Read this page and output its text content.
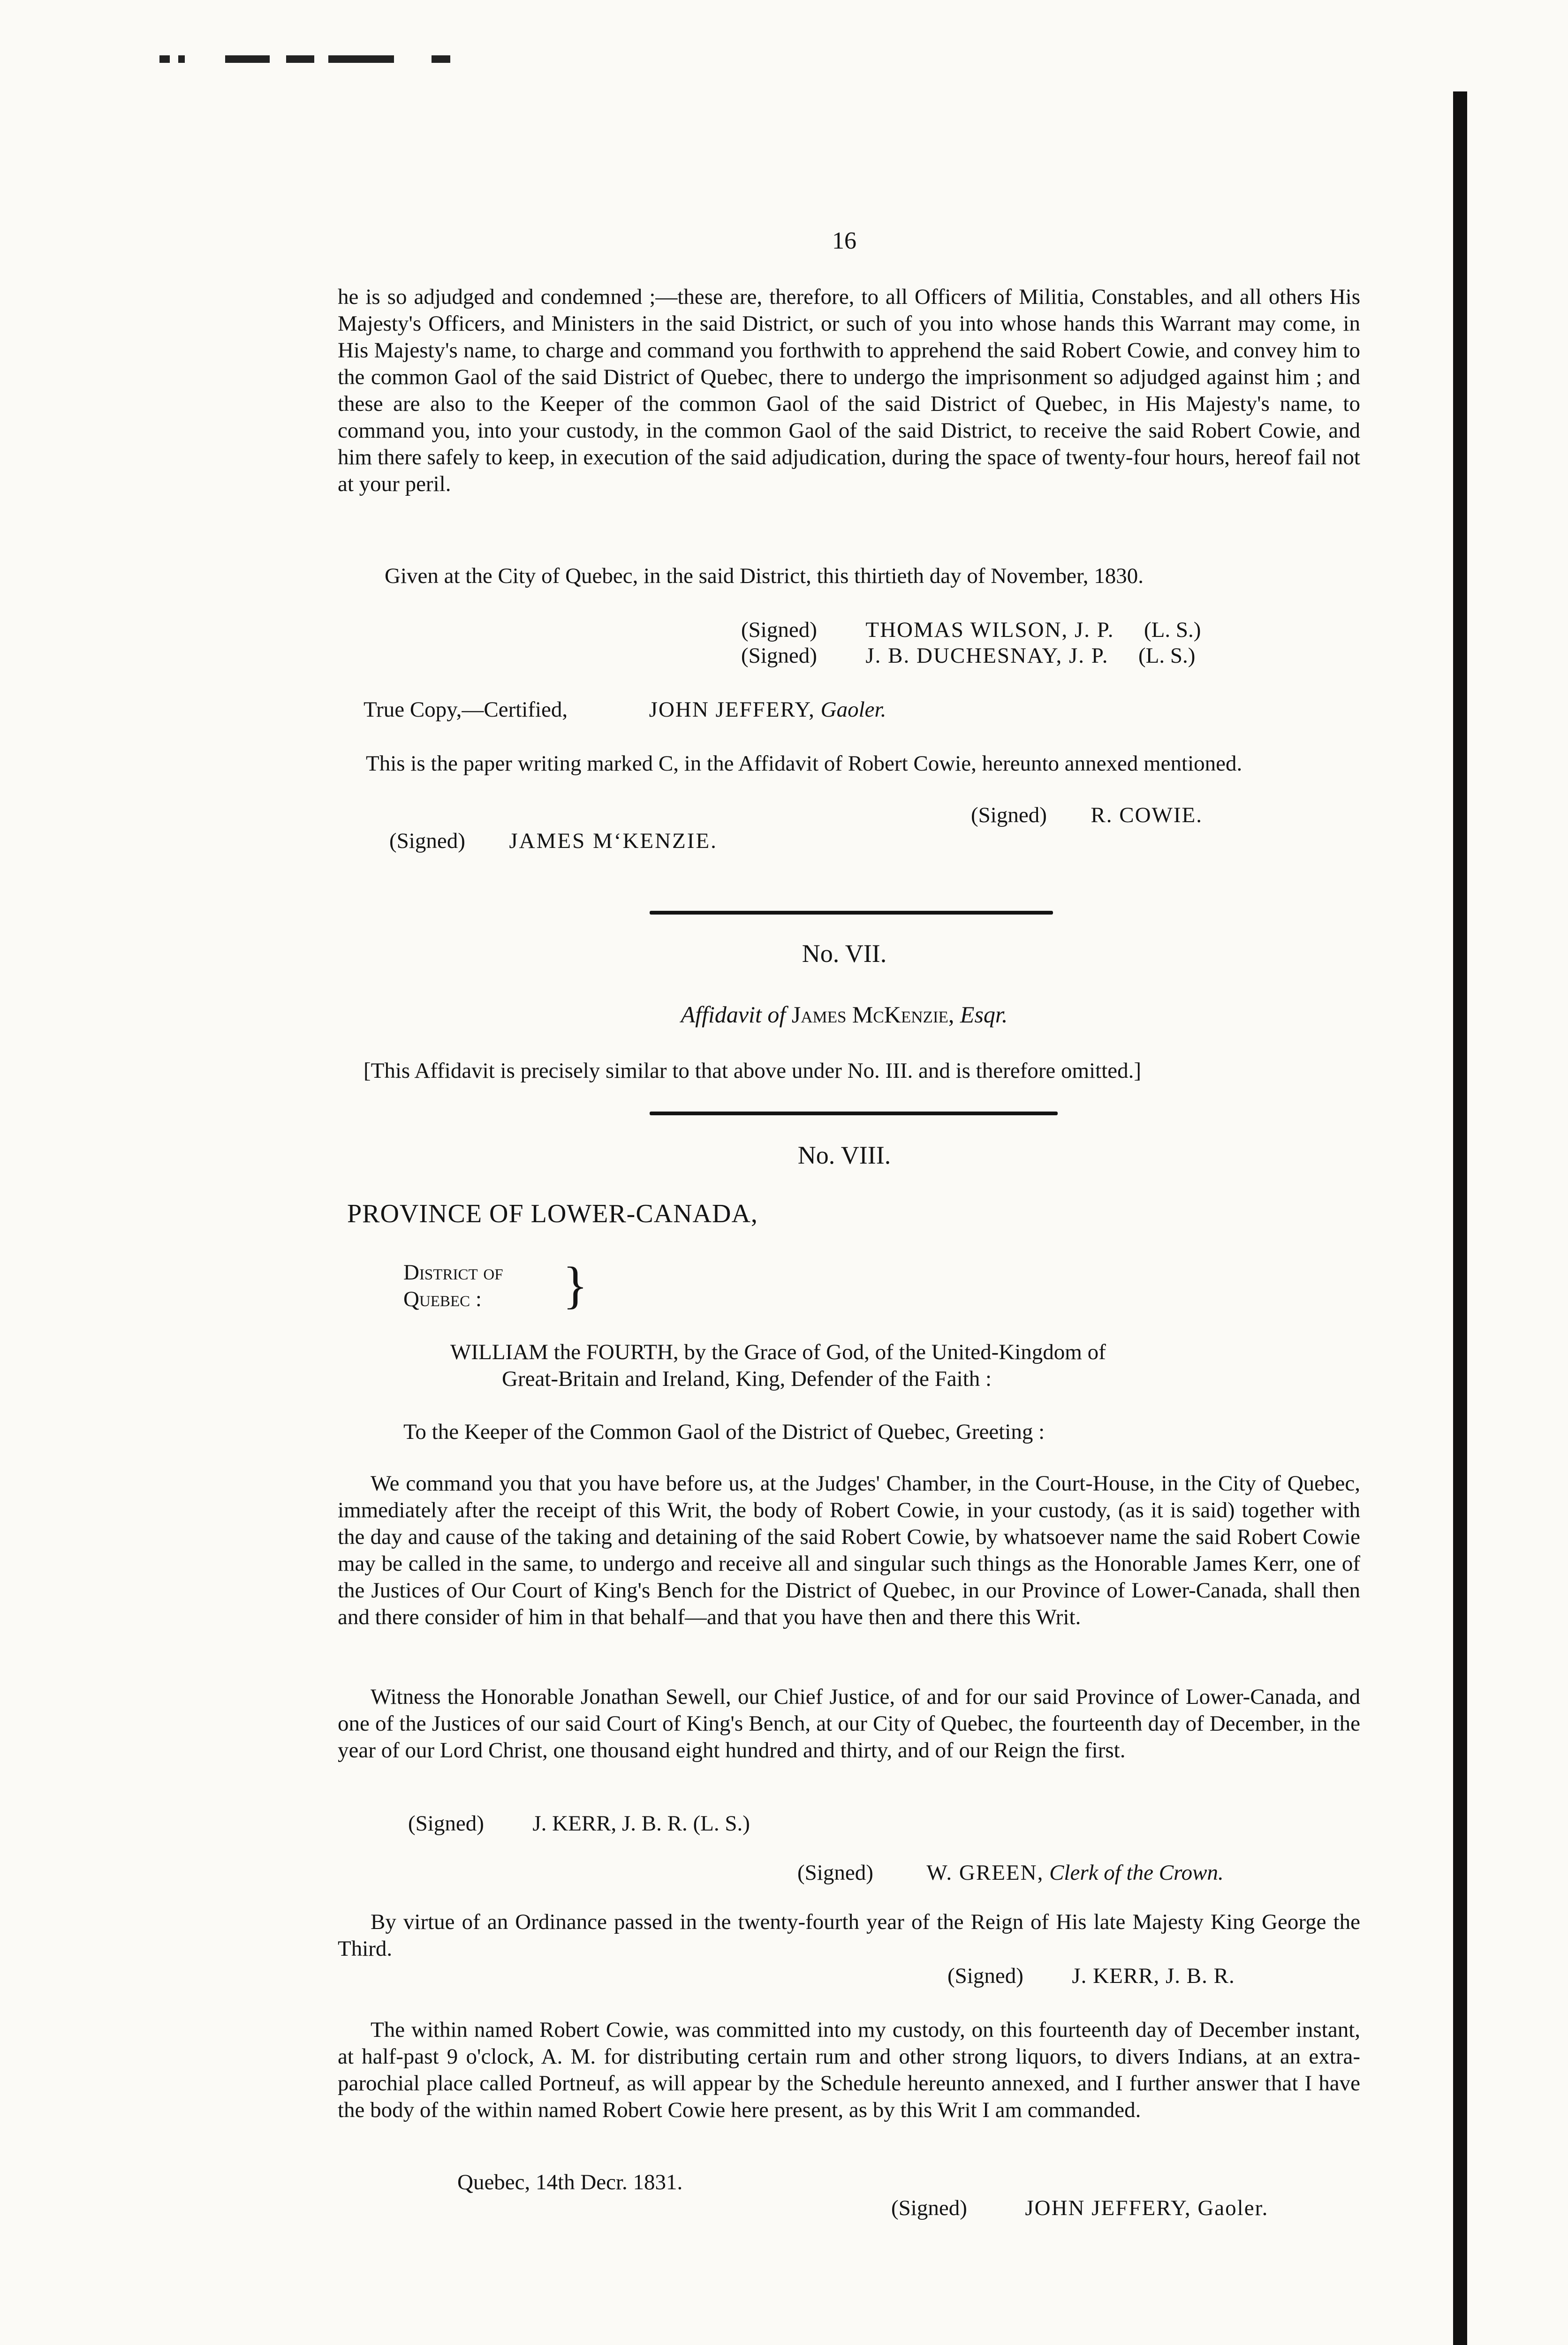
16

he is so adjudged and condemned ;—these are, therefore, to all Officers of Militia, Constables, and all others His Majesty's Officers, and Ministers in the said District, or such of you into whose hands this Warrant may come, in His Majesty's name, to charge and command you forthwith to apprehend the said Robert Cowie, and convey him to the common Gaol of the said District of Quebec, there to undergo the imprisonment so adjudged against him ; and these are also to the Keeper of the common Gaol of the said District of Quebec, in His Majesty's name, to command you, into your custody, in the common Gaol of the said District, to receive the said Robert Cowie, and him there safely to keep, in execution of the said adjudication, during the space of twenty-four hours, hereof fail not at your peril.

Given at the City of Quebec, in the said District, this thirtieth day of November, 1830.
(Signed) THOMAS WILSON, J. P. (L. S.)
(Signed) J. B. DUCHESNAY, J. P. (L. S.)
True Copy,—Certified,	JOHN JEFFERY, Gaoler.

This is the paper writing marked C, in the Affidavit of Robert Cowie, hereunto annexed mentioned.

(Signed) R. COWIE.
(Signed) JAMES M‘KENZIE.
No. VII.
Affidavit of James McKenzie, Esqr.
[This Affidavit is precisely similar to that above under No. III. and is therefore omitted.]
No. VIII.
PROVINCE OF LOWER-CANADA,
District of
Quebec : }
WILLIAM the FOURTH, by the Grace of God, of the United-Kingdom of
Great-Britain and Ireland, King, Defender of the Faith :
To the Keeper of the Common Gaol of the District of Quebec, Greeting :

We command you that you have before us, at the Judges' Chamber, in the Court-House, in the City of Quebec, immediately after the receipt of this Writ, the body of Robert Cowie, in your custody, (as it is said) together with the day and cause of the taking and detaining of the said Robert Cowie, by whatsoever name the said Robert Cowie may be called in the same, to undergo and receive all and singular such things as the Honorable James Kerr, one of the Justices of Our Court of King's Bench for the District of Quebec, in our Province of Lower-Canada, shall then and there consider of him in that behalf—and that you have then and there this Writ.

Witness the Honorable Jonathan Sewell, our Chief Justice, of and for our said Province of Lower-Canada, and one of the Justices of our said Court of King's Bench, at our City of Quebec, the fourteenth day of December, in the year of our Lord Christ, one thousand eight hundred and thirty, and of our Reign the first.

(Signed) J. KERR, J. B. R. (L. S.)
(Signed) W. GREEN, Clerk of the Crown.

By virtue of an Ordinance passed in the twenty-fourth year of the Reign of His late Majesty King George the Third.

(Signed) J. KERR, J. B. R.

The within named Robert Cowie, was committed into my custody, on this fourteenth day of December instant, at half-past 9 o'clock, A. M. for distributing certain rum and other strong liquors, to divers Indians, at an extra-parochial place called Portneuf, as will appear by the Schedule hereunto annexed, and I further answer that I have the body of the within named Robert Cowie here present, as by this Writ I am commanded.

Quebec, 14th Decr. 1831.
(Signed)	JOHN JEFFERY, Gaoler.
